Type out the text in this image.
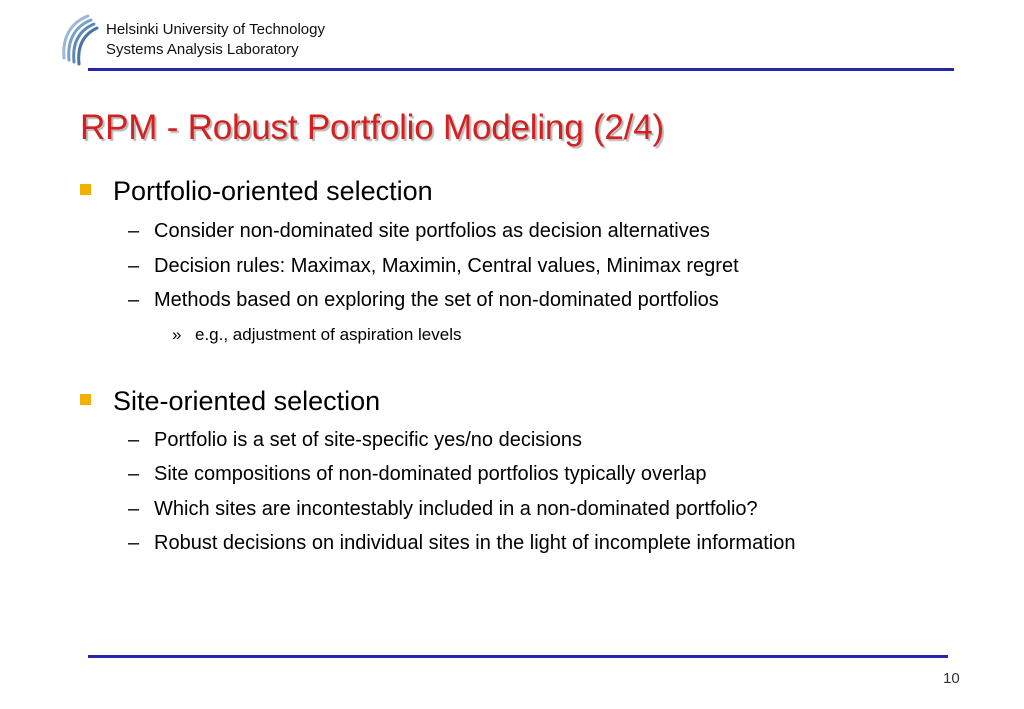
Helsinki University of Technology
Systems Analysis Laboratory
RPM - Robust Portfolio Modeling (2/4)
Portfolio-oriented selection
– Consider non-dominated site portfolios as decision alternatives
– Decision rules: Maximax, Maximin, Central values, Minimax regret
– Methods based on exploring the set of non-dominated portfolios
» e.g., adjustment of aspiration levels
Site-oriented selection
– Portfolio is a set of site-specific yes/no decisions
– Site compositions of non-dominated portfolios typically overlap
– Which sites are incontestably included in a non-dominated portfolio?
– Robust decisions on individual sites in the light of incomplete information
10
